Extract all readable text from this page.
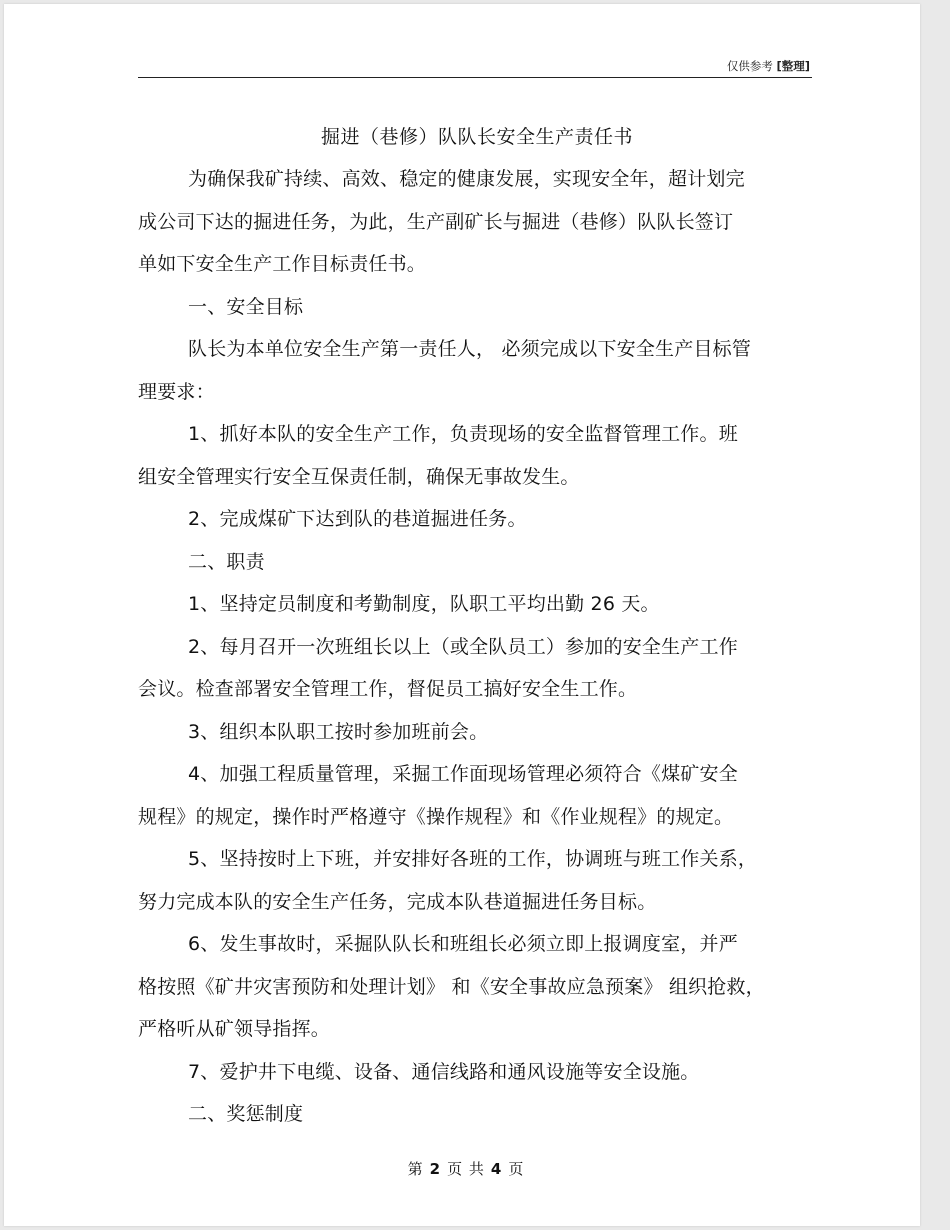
仅供参考 [整理]
掘进（巷修）队队长安全生产责任书
为确保我矿持续、高效、稳定的健康发展，实现安全年，超计划完
成公司下达的掘进任务，为此，生产副矿长与掘进（巷修）队队长签订
单如下安全生产工作目标责任书。
一、安全目标
队长为本单位安全生产第一责任人， 必须完成以下安全生产目标管
理要求：
1、抓好本队的安全生产工作，负责现场的安全监督管理工作。班
组安全管理实行安全互保责任制，确保无事故发生。
2、完成煤矿下达到队的巷道掘进任务。
二、职责
1、坚持定员制度和考勤制度，队职工平均出勤 26 天。
2、每月召开一次班组长以上（或全队员工）参加的安全生产工作
会议。检查部署安全管理工作，督促员工搞好安全生工作。
3、组织本队职工按时参加班前会。
4、加强工程质量管理，采掘工作面现场管理必须符合《煤矿安全
规程》的规定，操作时严格遵守《操作规程》和《作业规程》的规定。
5、坚持按时上下班，并安排好各班的工作，协调班与班工作关系，
努力完成本队的安全生产任务，完成本队巷道掘进任务目标。
6、发生事故时，采掘队队长和班组长必须立即上报调度室，并严
格按照《矿井灾害预防和处理计划》 和《安全事故应急预案》 组织抢救，
严格听从矿领导指挥。
7、爱护井下电缆、设备、通信线路和通风设施等安全设施。
二、奖惩制度
第 2 页 共 4 页
